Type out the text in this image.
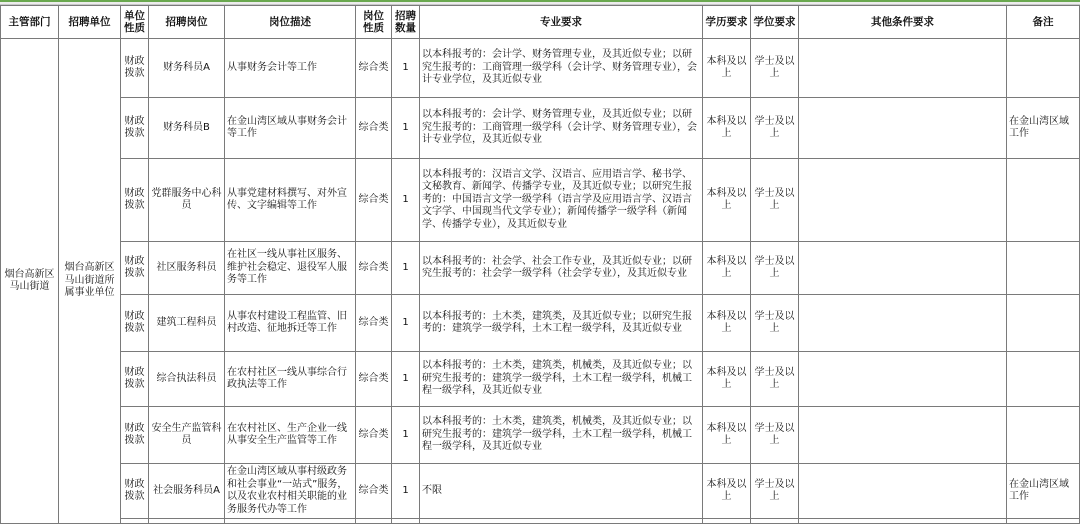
主管部门	招聘单位	单位性质	招聘岗位	岗位描述	岗位性质	招聘数量	专业要求	学历要求	学位要求	其他条件要求	备注
烟台高新区马山街道	烟台高新区马山街道所属事业单位	财政拨款	财务科员A	从事财务会计等工作	综合类	1	以本科报考的：会计学、财务管理专业，及其近似专业；以研究生报考的：工商管理一级学科（会计学、财务管理专业），会计专业学位，及其近似专业	本科及以上	学士及以上		
		财政拨款	财务科员B	在金山湾区域从事财务会计等工作	综合类	1	以本科报考的：会计学、财务管理专业，及其近似专业；以研究生报考的：工商管理一级学科（会计学、财务管理专业），会计专业学位，及其近似专业	本科及以上	学士及以上		在金山湾区域工作
		财政拨款	党群服务中心科员	从事党建材料撰写、对外宣传、文字编辑等工作	综合类	1	以本科报考的：汉语言文学、汉语言、应用语言学、秘书学、文秘教育、新闻学、传播学专业，及其近似专业；以研究生报考的：中国语言文学一级学科（语言学及应用语言学、汉语言文字学、中国现当代文学专业）；新闻传播学一级学科（新闻学、传播学专业），及其近似专业	本科及以上	学士及以上		
		财政拨款	社区服务科员	在社区一线从事社区服务、维护社会稳定、退役军人服务等工作	综合类	1	以本科报考的：社会学、社会工作专业，及其近似专业；以研究生报考的：社会学一级学科（社会学专业），及其近似专业	本科及以上	学士及以上		
		财政拨款	建筑工程科员	从事农村建设工程监管、旧村改造、征地拆迁等工作	综合类	1	以本科报考的：土木类，建筑类，及其近似专业；以研究生报考的：建筑学一级学科，土木工程一级学科，及其近似专业	本科及以上	学士及以上		
		财政拨款	综合执法科员	在农村社区一线从事综合行政执法等工作	综合类	1	以本科报考的：土木类，建筑类，机械类，及其近似专业；以研究生报考的：建筑学一级学科，土木工程一级学科，机械工程一级学科，及其近似专业	本科及以上	学士及以上		
		财政拨款	安全生产监管科员	在农村社区、生产企业一线从事安全生产监管等工作	综合类	1	以本科报考的：土木类，建筑类，机械类，及其近似专业；以研究生报考的：建筑学一级学科，土木工程一级学科，机械工程一级学科，及其近似专业	本科及以上	学士及以上		
		财政拨款	社会服务科员A	在金山湾区域从事村级政务和社会事业“一站式”服务，以及农业农村相关职能的业务服务代办等工作	综合类	1	不限	本科及以上	学士及以上		在金山湾区域工作
